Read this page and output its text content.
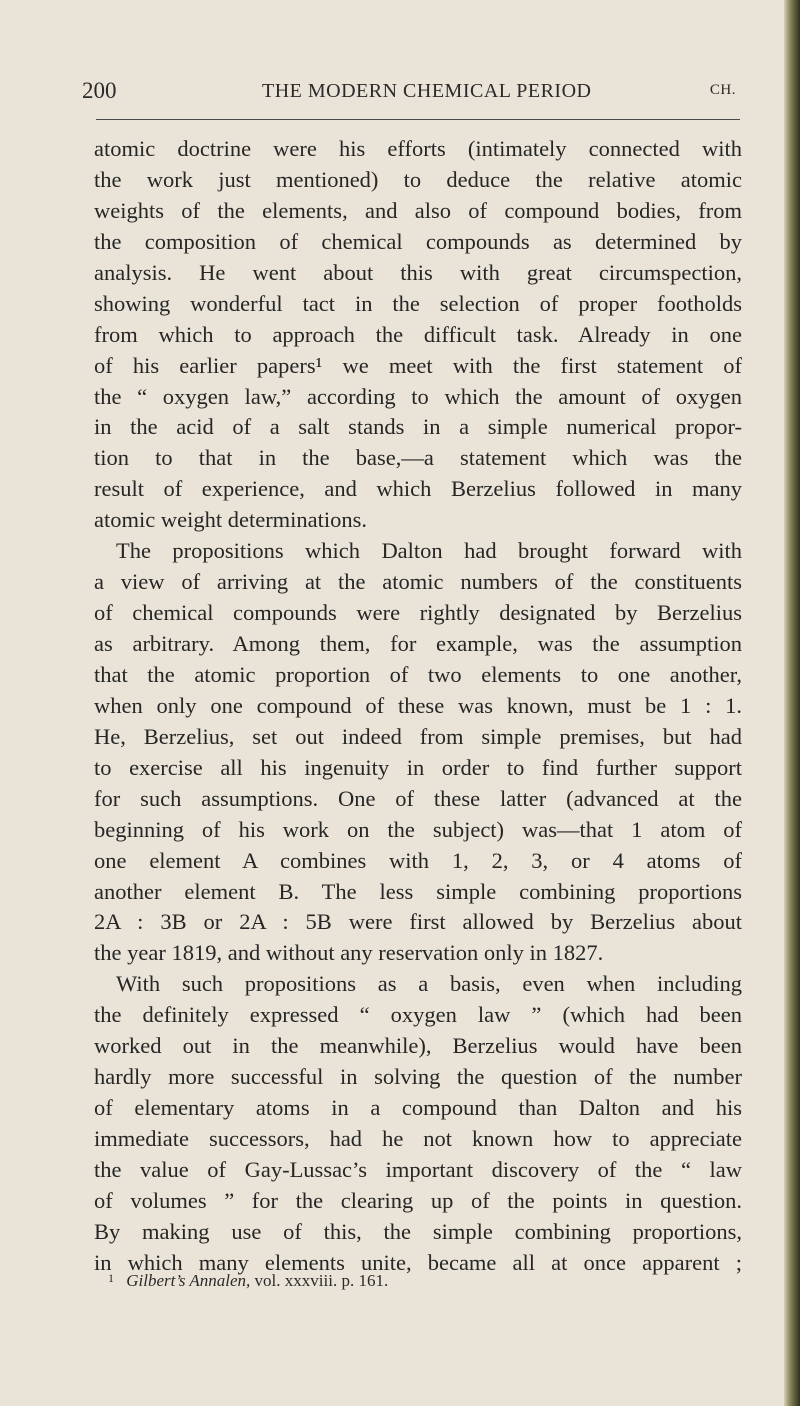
200	THE MODERN CHEMICAL PERIOD	CH.
atomic doctrine were his efforts (intimately connected with
the work just mentioned) to deduce the relative atomic
weights of the elements, and also of compound bodies, from
the composition of chemical compounds as determined by
analysis. He went about this with great circumspection,
showing wonderful tact in the selection of proper footholds
from which to approach the difficult task. Already in one
of his earlier papers¹ we meet with the first statement of
the “ oxygen law,” according to which the amount of oxygen
in the acid of a salt stands in a simple numerical propor-
tion to that in the base,—a statement which was the
result of experience, and which Berzelius followed in many
atomic weight determinations.
The propositions which Dalton had brought forward with
a view of arriving at the atomic numbers of the constituents
of chemical compounds were rightly designated by Berzelius
as arbitrary. Among them, for example, was the assumption
that the atomic proportion of two elements to one another,
when only one compound of these was known, must be 1 : 1.
He, Berzelius, set out indeed from simple premises, but had
to exercise all his ingenuity in order to find further support
for such assumptions. One of these latter (advanced at the
beginning of his work on the subject) was—that 1 atom of
one element A combines with 1, 2, 3, or 4 atoms of
another element B. The less simple combining proportions
2A : 3B or 2A : 5B were first allowed by Berzelius about
the year 1819, and without any reservation only in 1827.
With such propositions as a basis, even when including
the definitely expressed “ oxygen law ” (which had been
worked out in the meanwhile), Berzelius would have been
hardly more successful in solving the question of the number
of elementary atoms in a compound than Dalton and his
immediate successors, had he not known how to appreciate
the value of Gay-Lussac’s important discovery of the “ law
of volumes ” for the clearing up of the points in question.
By making use of this, the simple combining proportions,
in which many elements unite, became all at once apparent ;
$^1$ Gilbert’s Annalen, vol. xxxviii. p. 161.
